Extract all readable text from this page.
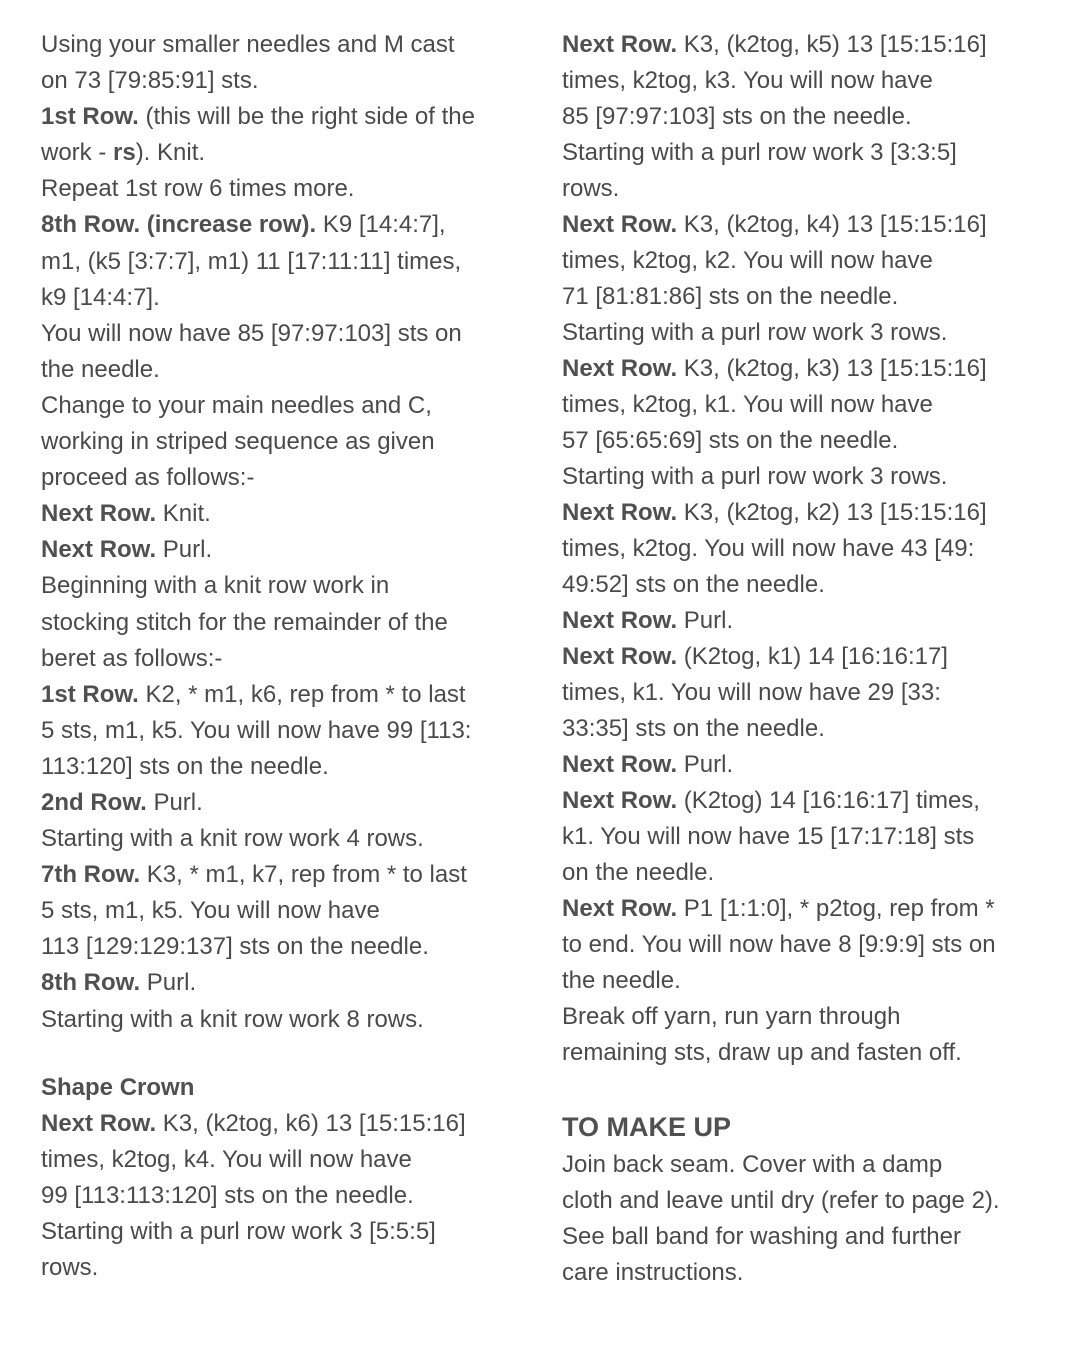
Using your smaller needles and M cast
on 73 [79:85:91] sts.
1st Row. (this will be the right side of the
work - rs). Knit.
Repeat 1st row 6 times more.
8th Row. (increase row). K9 [14:4:7],
m1, (k5 [3:7:7], m1) 11 [17:11:11] times,
k9 [14:4:7].
You will now have 85 [97:97:103] sts on
the needle.
Change to your main needles and C,
working in striped sequence as given
proceed as follows:-
Next Row. Knit.
Next Row. Purl.
Beginning with a knit row work in
stocking stitch for the remainder of the
beret as follows:-
1st Row. K2, * m1, k6, rep from * to last
5 sts, m1, k5. You will now have 99 [113:
113:120] sts on the needle.
2nd Row. Purl.
Starting with a knit row work 4 rows.
7th Row. K3, * m1, k7, rep from * to last
5 sts, m1, k5. You will now have
113 [129:129:137] sts on the needle.
8th Row. Purl.
Starting with a knit row work 8 rows.
Shape Crown
Next Row. K3, (k2tog, k6) 13 [15:15:16]
times, k2tog, k4. You will now have
99 [113:113:120] sts on the needle.
Starting with a purl row work 3 [5:5:5]
rows.
Next Row. K3, (k2tog, k5) 13 [15:15:16]
times, k2tog, k3. You will now have
85 [97:97:103] sts on the needle.
Starting with a purl row work 3 [3:3:5]
rows.
Next Row. K3, (k2tog, k4) 13 [15:15:16]
times, k2tog, k2. You will now have
71 [81:81:86] sts on the needle.
Starting with a purl row work 3 rows.
Next Row. K3, (k2tog, k3) 13 [15:15:16]
times, k2tog, k1. You will now have
57 [65:65:69] sts on the needle.
Starting with a purl row work 3 rows.
Next Row. K3, (k2tog, k2) 13 [15:15:16]
times, k2tog. You will now have 43 [49:
49:52] sts on the needle.
Next Row. Purl.
Next Row. (K2tog, k1) 14 [16:16:17]
times, k1. You will now have 29 [33:
33:35] sts on the needle.
Next Row. Purl.
Next Row. (K2tog) 14 [16:16:17] times,
k1. You will now have 15 [17:17:18] sts
on the needle.
Next Row. P1 [1:1:0], * p2tog, rep from *
to end. You will now have 8 [9:9:9] sts on
the needle.
Break off yarn, run yarn through
remaining sts, draw up and fasten off.
TO MAKE UP
Join back seam. Cover with a damp
cloth and leave until dry (refer to page 2).
See ball band for washing and further
care instructions.
